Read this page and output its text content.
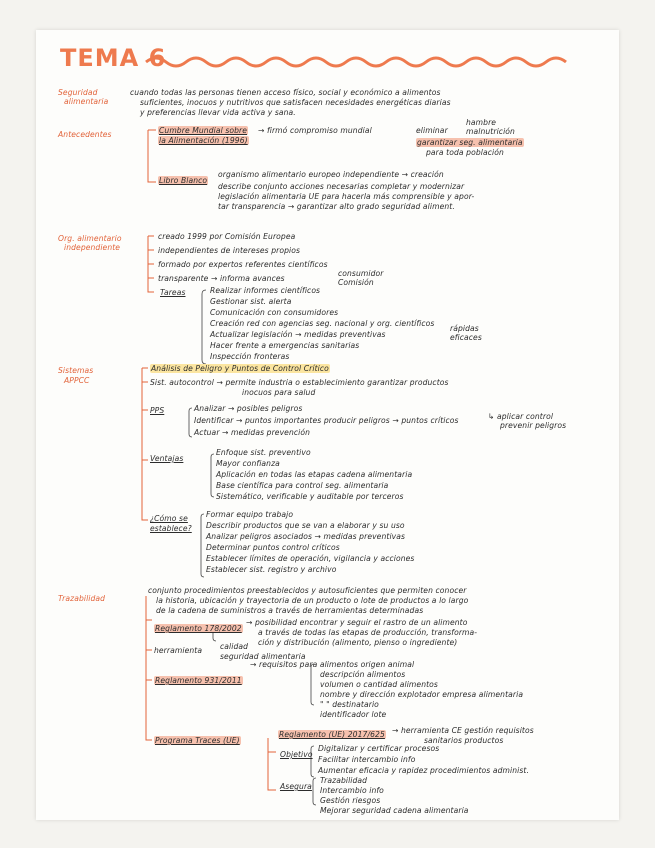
TEMA 6
Seguridad
alimentaria
cuando todas las personas tienen acceso físico, social y económico a alimentos
suficientes, inocuos y nutritivos que satisfacen necesidades energéticas diarias
y preferencias llevar vida activa y sana.
Antecedentes	Cumbre Mundial sobre
la Alimentación (1996)
→ firmó compromiso mundial	eliminar
hambre
malnutrición
garantizar seg. alimentaria
para toda población
Libro Blanco
organismo alimentario europeo independiente → creación
describe conjunto acciones necesarias completar y modernizar
legislación alimentaria UE para hacerla más comprensible y apor-
tar transparencia → garantizar alto grado seguridad aliment.
Org. alimentario
independiente
creado 1999 por Comisión Europea
independientes de intereses propios
formado por expertos referentes científicos
transparente → informa avances
consumidor
Comisión
Tareas	Realizar informes científicos
Gestionar sist. alerta
Comunicación con consumidores
Creación red con agencias seg. nacional y org. científicos
Actualizar legislación → medidas preventivas
rápidas
eficaces
Hacer frente a emergencias sanitarias
Inspección fronteras
Sistemas
APPCC
Análisis de Peligro y Puntos de Control Crítico
Sist. autocontrol → permite industria o establecimiento garantizar productos
inocuos para salud
PPS	Analizar → posibles peligros
Identificar → puntos importantes producir peligros → puntos críticos	↳ aplicar control
prevenir peligros
Actuar → medidas prevención
Ventajas
Enfoque sist. preventivo
Mayor confianza
Aplicación en todas las etapas cadena alimentaria
Base científica para control seg. alimentaria
Sistemático, verificable y auditable por terceros
¿Cómo se
establece?
Formar equipo trabajo
Describir productos que se van a elaborar y su uso
Analizar peligros asociados → medidas preventivas
Determinar puntos control críticos
Establecer límites de operación, vigilancia y acciones
Establecer sist. registro y archivo
Trazabilidad
conjunto procedimientos preestablecidos y autosuficientes que permiten conocer
la historia, ubicación y trayectoria de un producto o lote de productos a lo largo
de la cadena de suministros a través de herramientas determinadas
Reglamento 178/2002
→ posibilidad encontrar y seguir el rastro de un alimento
a través de todas las etapas de producción, transforma-
ción y distribución (alimento, pienso o ingrediente)
herramienta calidad
seguridad alimentaria
Reglamento 931/2011
→ requisitos para alimentos origen animal
descripción alimentos
volumen o cantidad alimentos
nombre y dirección explotador empresa alimentaria
" " destinatario
identificador lote
Programa Traces (UE)
Reglamento (UE) 2017/625 → herramienta CE gestión requisitos
sanitarios productos
Objetivo
Digitalizar y certificar procesos
Facilitar intercambio info
Aumentar eficacia y rapidez procedimientos administ.
Asegura
Trazabilidad
Intercambio info
Gestión riesgos
Mejorar seguridad cadena alimentaria
